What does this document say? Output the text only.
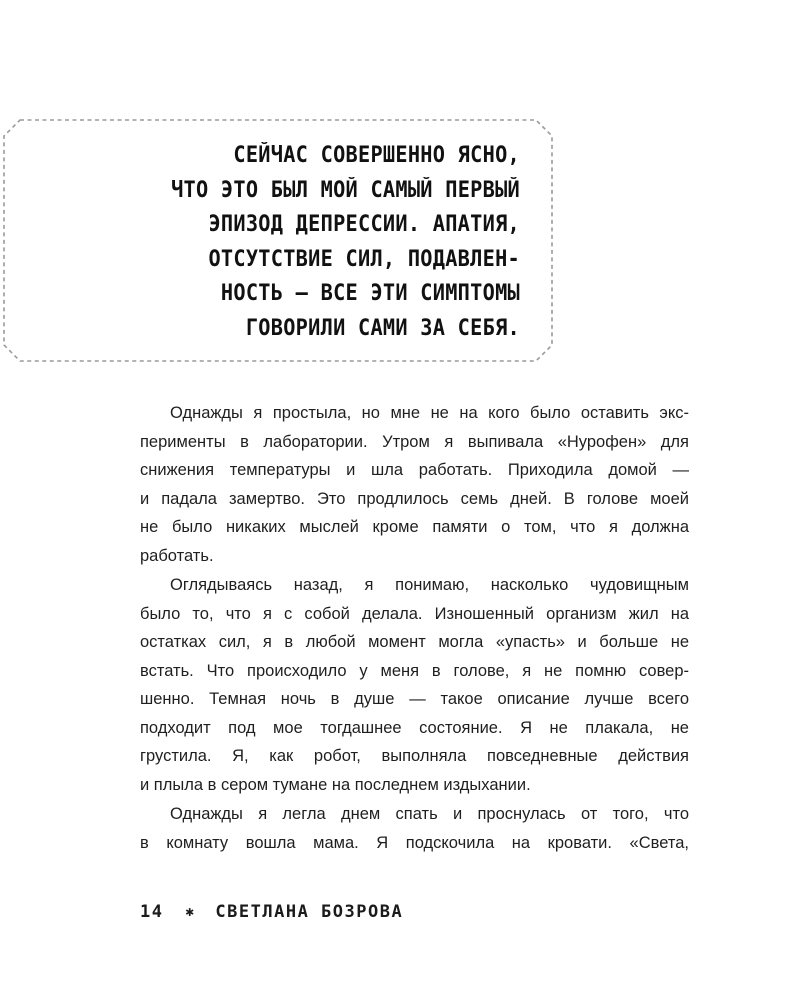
СЕЙЧАС СОВЕРШЕННО ЯСНО,
ЧТО ЭТО БЫЛ МОЙ САМЫЙ ПЕРВЫЙ
ЭПИЗОД ДЕПРЕССИИ. АПАТИЯ,
ОТСУТСТВИЕ СИЛ, ПОДАВЛЕН-
НОСТЬ — ВСЕ ЭТИ СИМПТОМЫ
ГОВОРИЛИ САМИ ЗА СЕБЯ.
Однажды я простыла, но мне не на кого было оставить экс-
перименты в лаборатории. Утром я выпивала «Нурофен» для
снижения температуры и шла работать. Приходила домой —
и падала замертво. Это продлилось семь дней. В голове моей
не было никаких мыслей кроме памяти о том, что я должна
работать.
Оглядываясь назад, я понимаю, насколько чудовищным
было то, что я с собой делала. Изношенный организм жил на
остатках сил, я в любой момент могла «упасть» и больше не
встать. Что происходило у меня в голове, я не помню совер-
шенно. Темная ночь в душе — такое описание лучше всего
подходит под мое тогдашнее состояние. Я не плакала, не
грустила. Я, как робот, выполняла повседневные действия
и плыла в сером тумане на последнем издыхании.
Однажды я легла днем спать и проснулась от того, что
в комнату вошла мама. Я подскочила на кровати. «Света,
14 ✱ СВЕТЛАНА БОЗРОВА
